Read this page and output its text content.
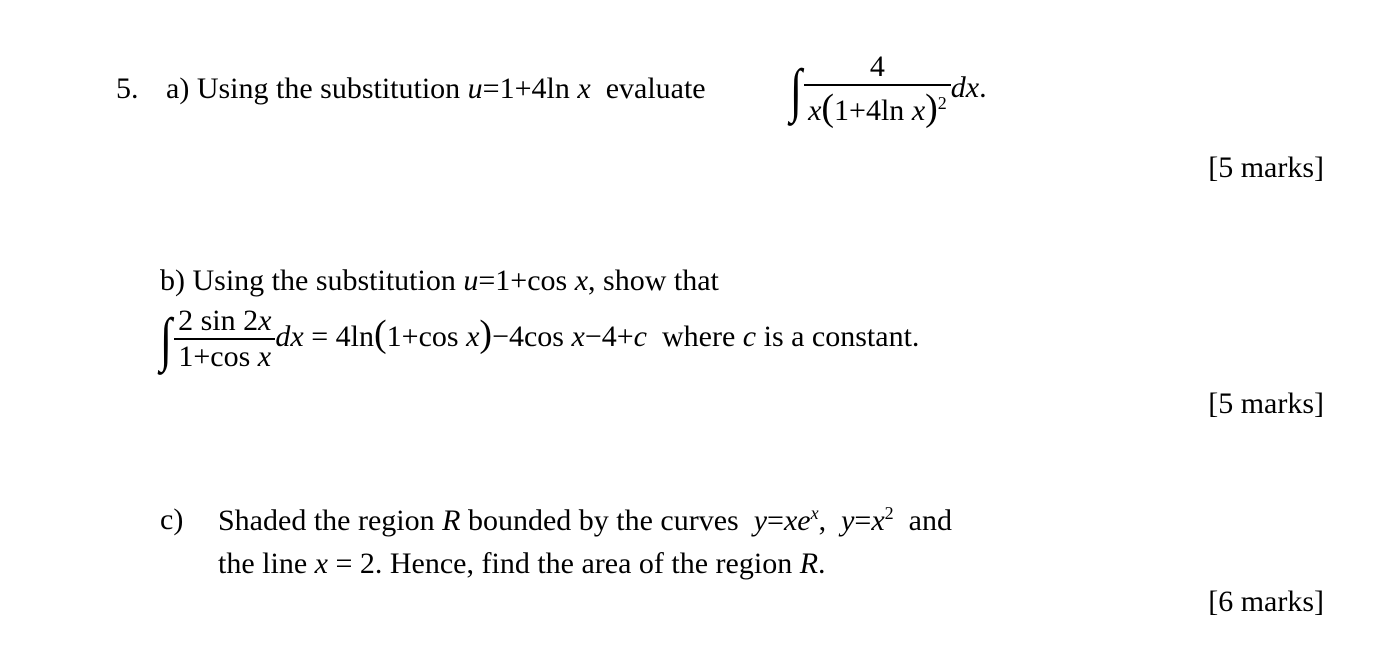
5. a) Using the substitution u=1+4ln x evaluate ∫ $\frac{4}{x(1+4\ln x)^2}$ dx.
[5 marks]
b) Using the substitution u=1+cos x, show that
∫ $\frac{2 \sin 2x}{\text{1+cos x}}$ dx = 4ln(1+cos x)−4cos x−4+c where c is a constant.
[5 marks]
c) Shaded the region R bounded by the curves $y=xe^x$, $y=x^2$ and
the line x = 2. Hence, find the area of the region R.
[6 marks]
